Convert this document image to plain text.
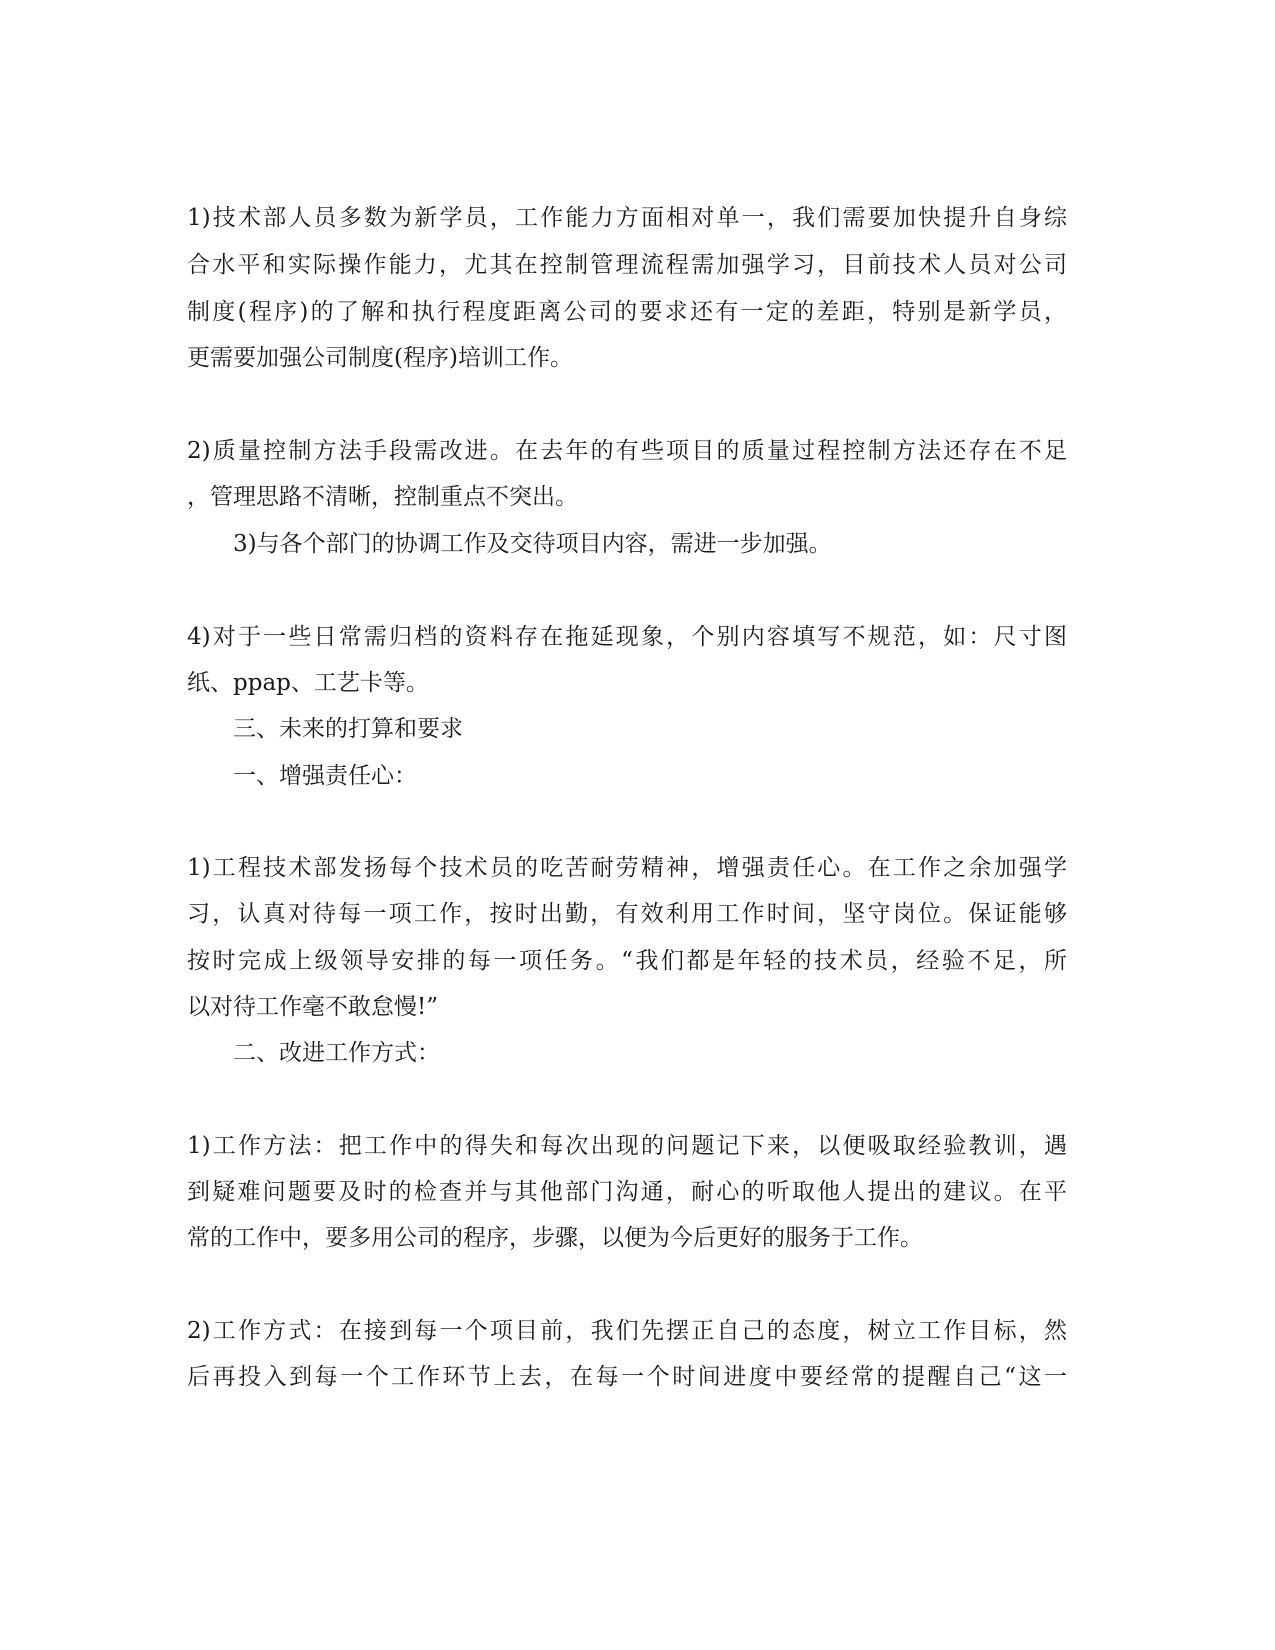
1)技术部人员多数为新学员，工作能力方面相对单一，我们需要加快提升自身综

合水平和实际操作能力，尤其在控制管理流程需加强学习，目前技术人员对公司

制度(程序)的了解和执行程度距离公司的要求还有一定的差距，特别是新学员，

更需要加强公司制度(程序)培训工作。

2)质量控制方法手段需改进。在去年的有些项目的质量过程控制方法还存在不足

，管理思路不清晰，控制重点不突出。

3)与各个部门的协调工作及交待项目内容，需进一步加强。

4)对于一些日常需归档的资料存在拖延现象，个别内容填写不规范，如：尺寸图

纸、ppap、工艺卡等。

三、未来的打算和要求

一、增强责任心：

1)工程技术部发扬每个技术员的吃苦耐劳精神，增强责任心。在工作之余加强学

习，认真对待每一项工作，按时出勤，有效利用工作时间，坚守岗位。保证能够

按时完成上级领导安排的每一项任务。“我们都是年轻的技术员，经验不足，所

以对待工作毫不敢怠慢!”

二、改进工作方式：

1)工作方法：把工作中的得失和每次出现的问题记下来，以便吸取经验教训，遇

到疑难问题要及时的检查并与其他部门沟通，耐心的听取他人提出的建议。在平

常的工作中，要多用公司的程序，步骤，以便为今后更好的服务于工作。

2)工作方式：在接到每一个项目前，我们先摆正自己的态度，树立工作目标，然

后再投入到每一个工作环节上去，在每一个时间进度中要经常的提醒自己“这一
